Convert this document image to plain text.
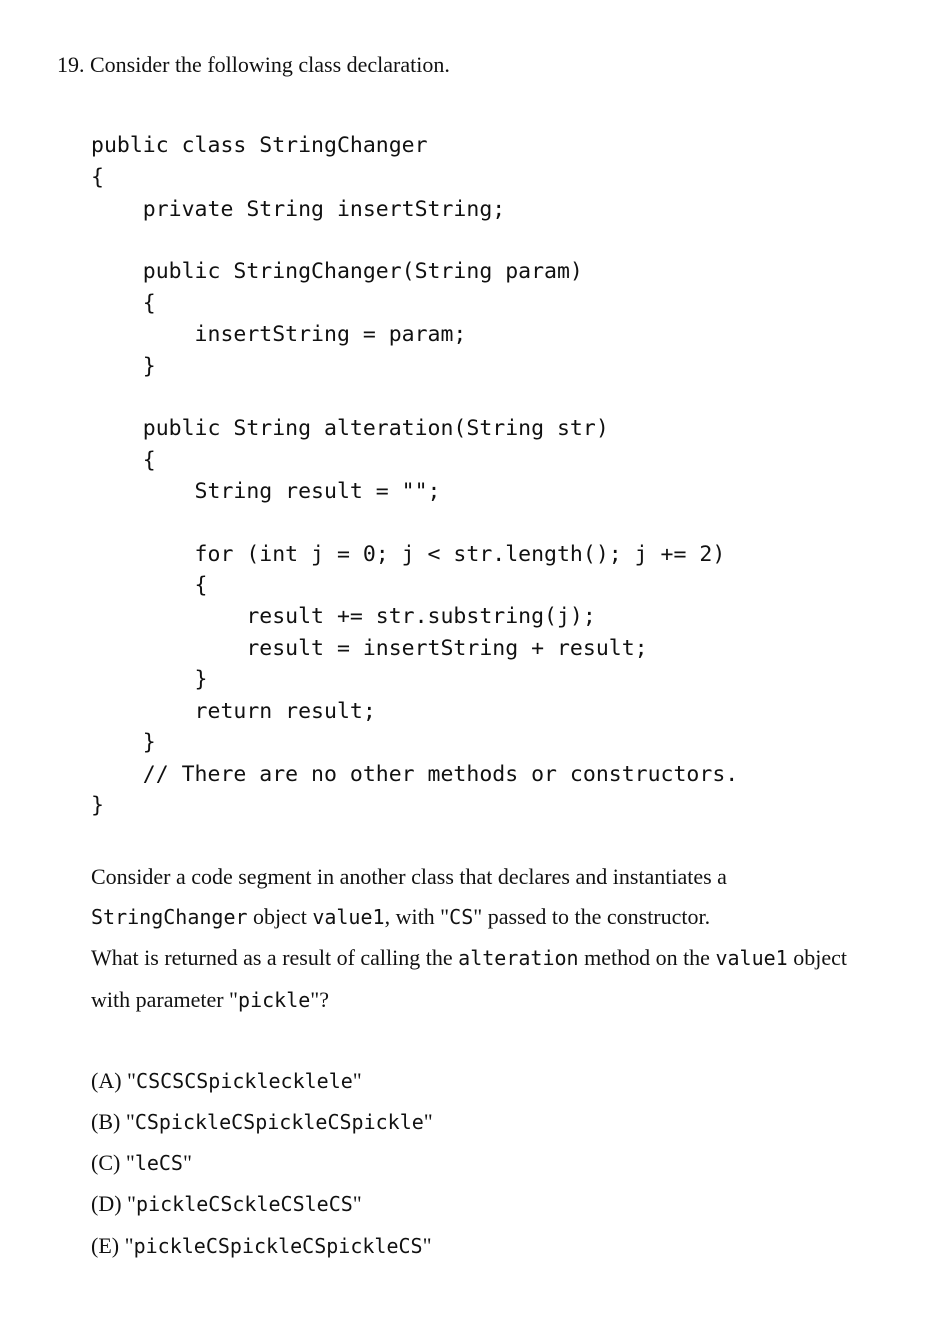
19. Consider the following class declaration.

public class StringChanger

{

private String insertString;

public StringChanger(String param)

{

insertString = param;

}

public String alteration(String str)

{

String result = "";

for (int j = 0; j < str.length(); j += 2)

{

result += str.substring(j);

result = insertString + result;

}

return result;

}

// There are no other methods or constructors.

}

Consider a code segment in another class that declares and instantiates a
StringChanger object value1, with "CS" passed to the constructor.
What is returned as a result of calling the alteration method on the value1 object
with parameter "pickle"?
(A) "CSCSCSpicklecklele"
(B) "CSpickleCSpickleCSpickle"
(C) "leCS"
(D) "pickleCSckleCSleCS"
(E) "pickleCSpickleCSpickleCS"
